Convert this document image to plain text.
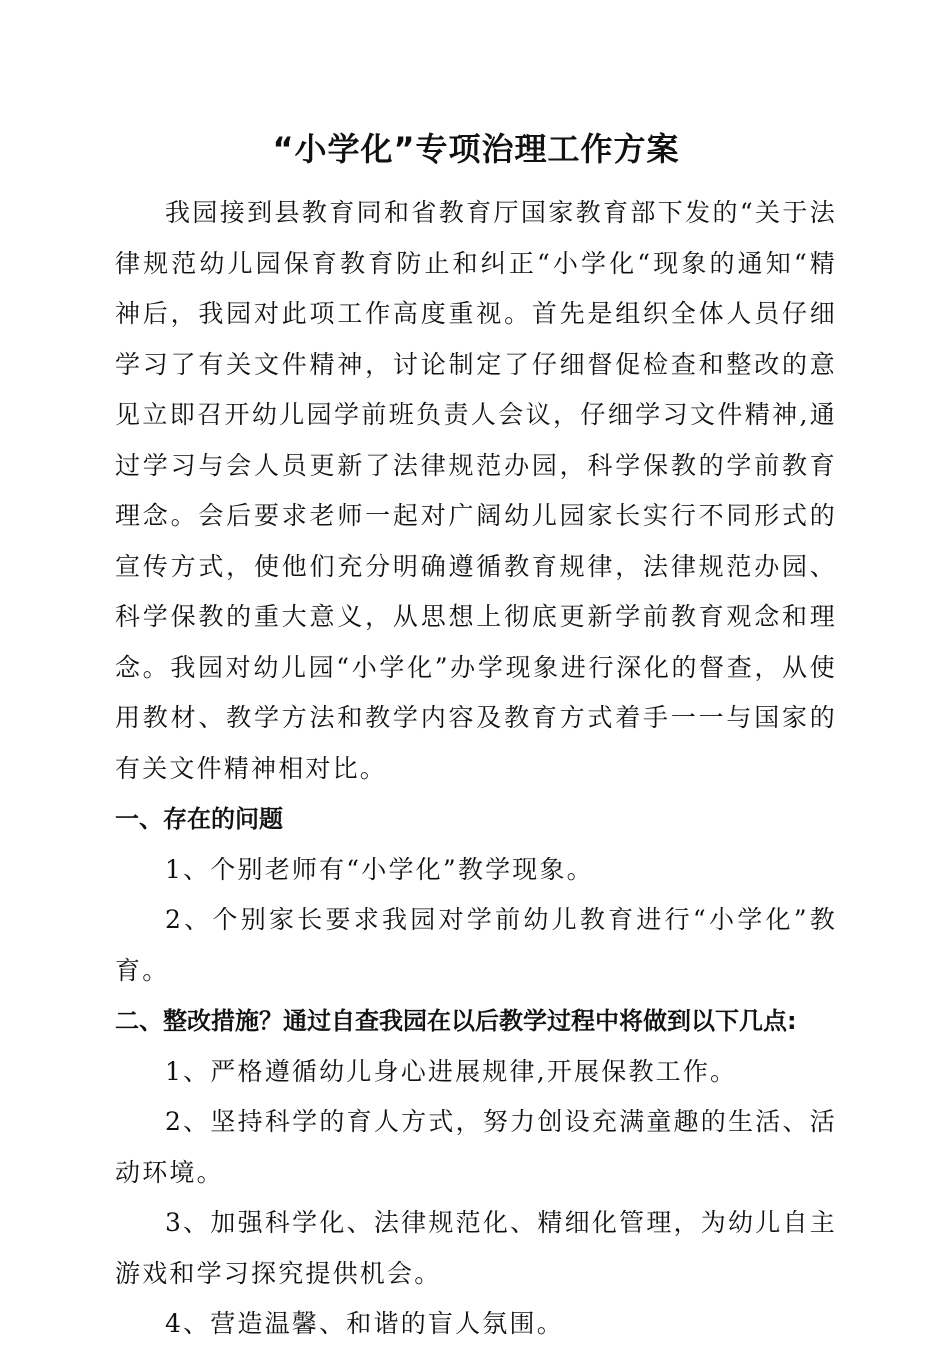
“小学化”专项治理工作方案

我园接到县教育同和省教育厅国家教育部下发的“关于法律规范幼儿园保育教育防止和纠正“小学化“现象的通知“精神后，我园对此项工作高度重视。首先是组织全体人员仔细学习了有关文件精神，讨论制定了仔细督促检查和整改的意见立即召开幼儿园学前班负责人会议，仔细学习文件精神,通过学习与会人员更新了法律规范办园，科学保教的学前教育理念。会后要求老师一起对广阔幼儿园家长实行不同形式的宣传方式，使他们充分明确遵循教育规律，法律规范办园、科学保教的重大意义，从思想上彻底更新学前教育观念和理念。我园对幼儿园“小学化”办学现象进行深化的督查，从使用教材、教学方法和教学内容及教育方式着手一一与国家的有关文件精神相对比。

一、存在的问题

1、个别老师有“小学化”教学现象。

2、个别家长要求我园对学前幼儿教育进行“小学化”教育。

二、整改措施？通过自查我园在以后教学过程中将做到以下几点:

1、严格遵循幼儿身心进展规律,开展保教工作。

2、坚持科学的育人方式，努力创设充满童趣的生活、活动环境。

3、加强科学化、法律规范化、精细化管理，为幼儿自主游戏和学习探究提供机会。

4、营造温馨、和谐的盲人氛围。
